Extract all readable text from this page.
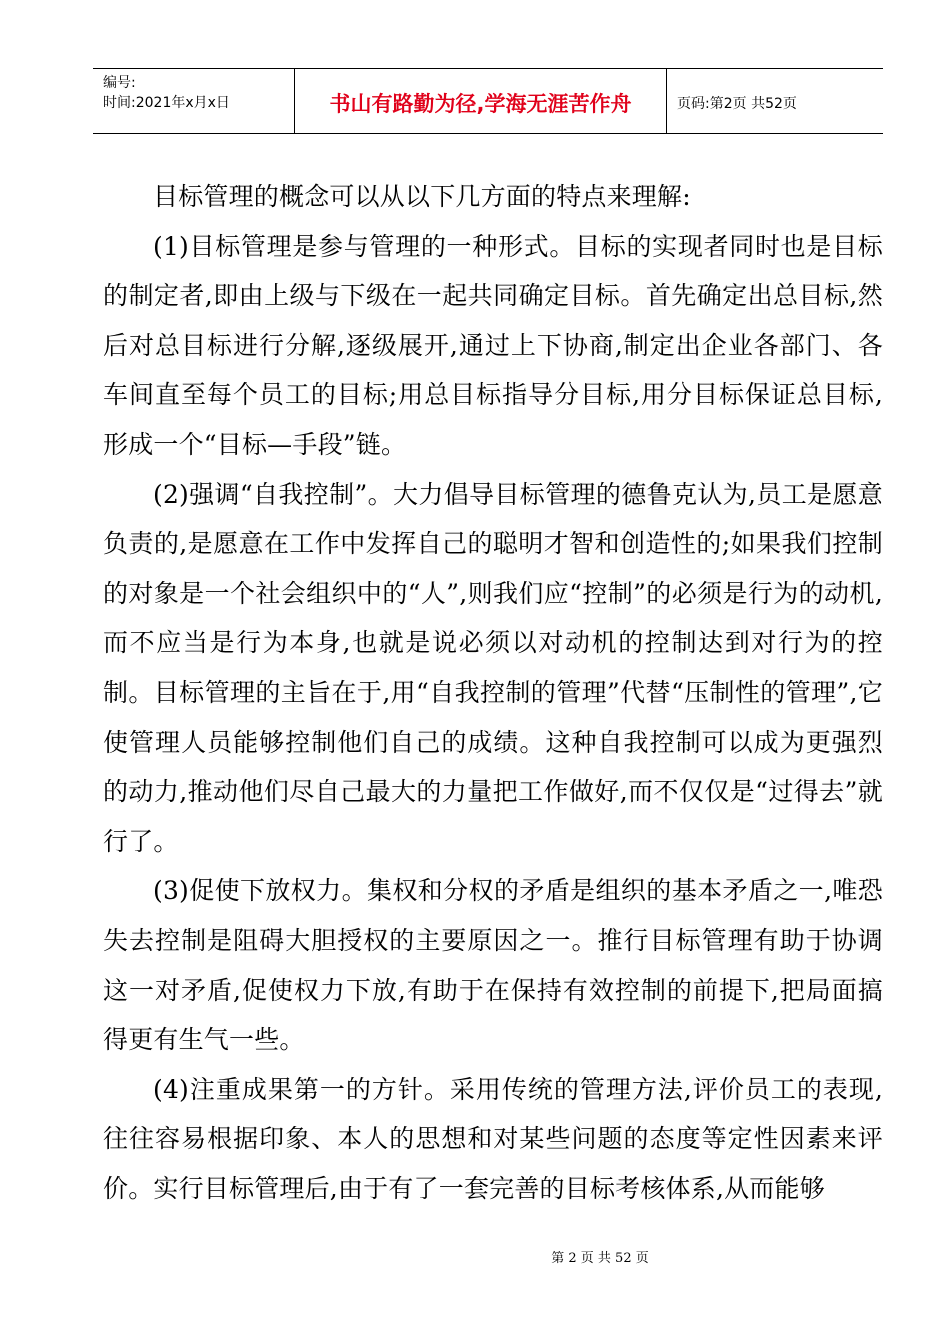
编号:
时间:2021年x月x日	书山有路勤为径,学海无涯苦作舟	页码:第2页 共52页

目标管理的概念可以从以下几方面的特点来理解:

(1)目标管理是参与管理的一种形式。目标的实现者同时也是目标的制定者,即由上级与下级在一起共同确定目标。首先确定出总目标,然后对总目标进行分解,逐级展开,通过上下协商,制定出企业各部门、各车间直至每个员工的目标;用总目标指导分目标,用分目标保证总目标,形成一个“目标—手段”链。

(2)强调“自我控制”。大力倡导目标管理的德鲁克认为,员工是愿意负责的,是愿意在工作中发挥自己的聪明才智和创造性的;如果我们控制的对象是一个社会组织中的“人”,则我们应“控制”的必须是行为的动机,而不应当是行为本身,也就是说必须以对动机的控制达到对行为的控制。目标管理的主旨在于,用“自我控制的管理”代替“压制性的管理”,它使管理人员能够控制他们自己的成绩。这种自我控制可以成为更强烈的动力,推动他们尽自己最大的力量把工作做好,而不仅仅是“过得去”就行了。

(3)促使下放权力。集权和分权的矛盾是组织的基本矛盾之一,唯恐失去控制是阻碍大胆授权的主要原因之一。推行目标管理有助于协调这一对矛盾,促使权力下放,有助于在保持有效控制的前提下,把局面搞得更有生气一些。

(4)注重成果第一的方针。采用传统的管理方法,评价员工的表现,往往容易根据印象、本人的思想和对某些问题的态度等定性因素来评价。实行目标管理后,由于有了一套完善的目标考核体系,从而能够

第 2 页 共 52 页
